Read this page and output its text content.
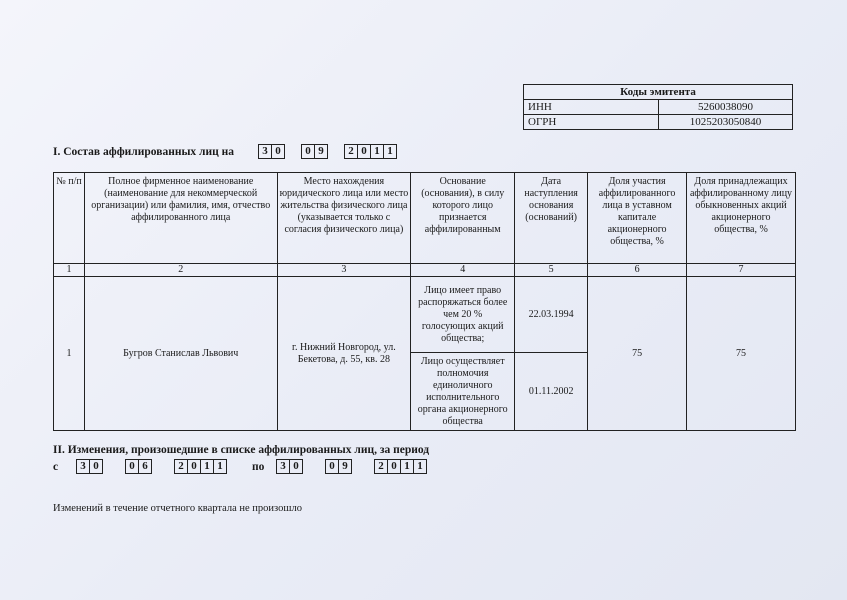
Коды эмитента	
ИНН	5260038090
ОГРН	1025203050840
I. Состав аффилированных лиц на	3 0	0 9	2 0 1 1
№ п/п	Полное фирменное наименование (наименование для некоммерческой организации) или фамилия, имя, отчество аффилированного лица	Место нахождения юридического лица или место жительства физического лица (указывается только с согласия физического лица)	Основание (основания), в силу которого лицо признается аффилированным	Дата наступления основания (оснований)	Доля участия аффилированного лица в уставном капитале акционерного общества, %	Доля принадлежащих аффилированному лицу обыкновенных акций акционерного общества, %
1	2	3	4	5	6	7
1	Бугров Станислав Львович	г. Нижний Новгород, ул. Бекетова, д. 55, кв. 28	Лицо имеет право распоряжаться более чем 20 % голосующих акций общества;	22.03.1994	75	75
			Лицо осуществляет полномочия единоличного исполнительного органа акционерного общества	01.11.2002		
II. Изменения, произошедшие в списке аффилированных лиц, за период
с	3 0	0 6	2 0 1 1	по	3 0	0 9	2 0 1 1
Изменений в течение отчетного квартала не произошло
